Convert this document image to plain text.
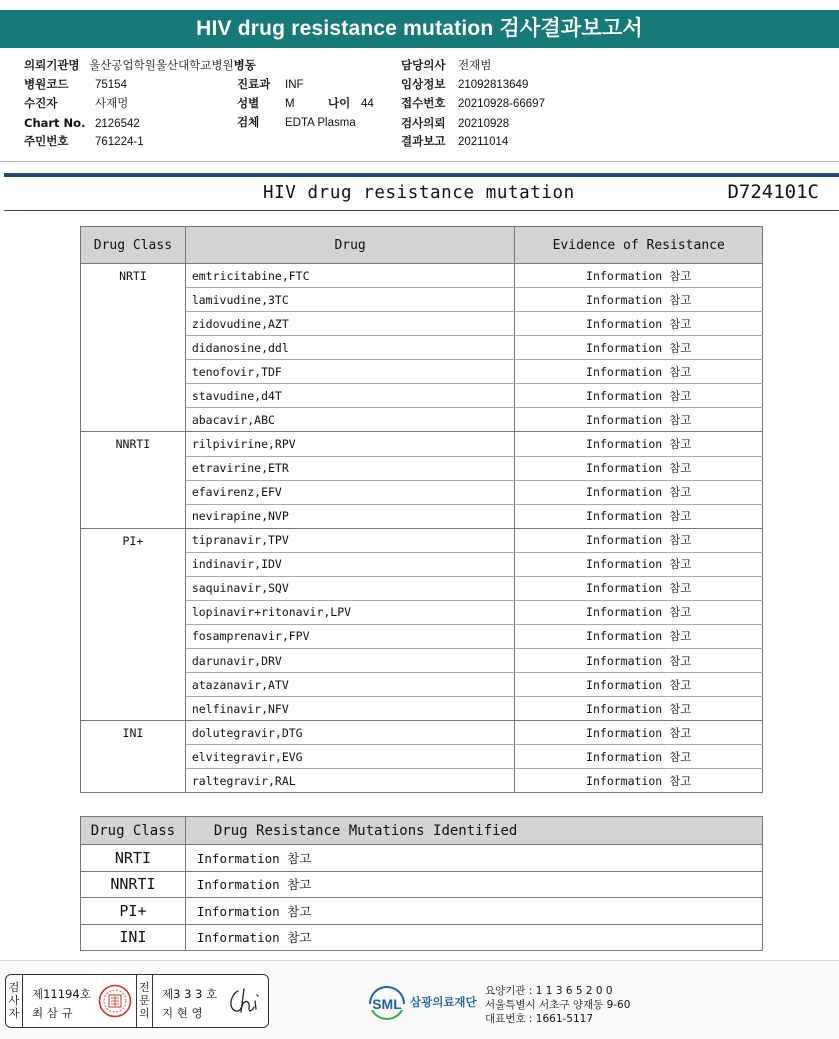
HIV drug resistance mutation 검사결과보고서
의뢰기관명 울산공업학원울산대학교병원병동
병원코드 75154
수진자	사재멍
Chart No. 2126542
주민번호 761224-1
진료과 INF
성별 M	나이 44
검체 EDTA Plasma
담당의사 전재범
임상정보 21092813649
접수번호 20210928-66697
검사의뢰 20210928
결과보고 20211014
HIV drug resistance mutation	D724101C
Drug Class	Drug	Evidence of Resistance
NRTI	emtricitabine,FTC	Information 참고
	lamivudine,3TC	Information 참고
	zidovudine,AZT	Information 참고
	didanosine,ddl	Information 참고
	tenofovir,TDF	Information 참고
	stavudine,d4T	Information 참고
	abacavir,ABC	Information 참고
NNRTI	rilpivirine,RPV	Information 참고
	etravirine,ETR	Information 참고
	efavirenz,EFV	Information 참고
	nevirapine,NVP	Information 참고
PI+	tipranavir,TPV	Information 참고
	indinavir,IDV	Information 참고
	saquinavir,SQV	Information 참고
	lopinavir+ritonavir,LPV	Information 참고
	fosamprenavir,FPV	Information 참고
	darunavir,DRV	Information 참고
	atazanavir,ATV	Information 참고
	nelfinavir,NFV	Information 참고
INI	dolutegravir,DTG	Information 참고
	elvitegravir,EVG	Information 참고
	raltegravir,RAL	Information 참고
Drug Class	Drug Resistance Mutations Identified
NRTI	Information 참고
NNRTI	Information 참고
PI+	Information 참고
INI	Information 참고
검사자
제11194호
최 삼 규
전문의
제3 3 3 호
지 현 영
SML 삼광의료재단
요양기관 : 1 1 3 6 5 2 0 0
서울특별시 서초구 양재동 9-60
대표번호 : 1661-5117
